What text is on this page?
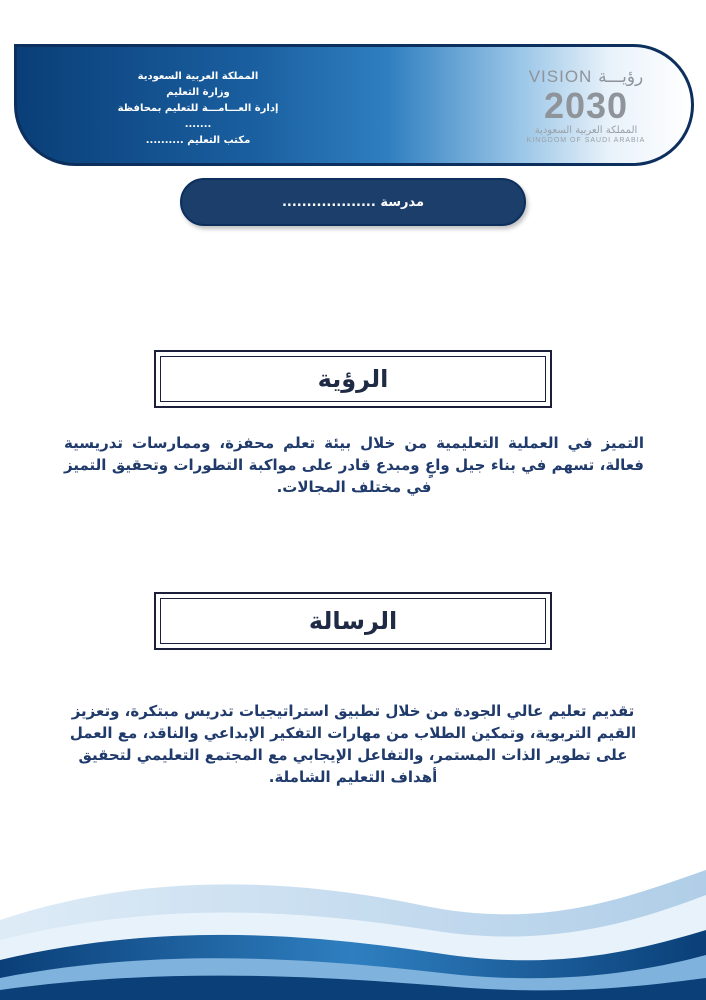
المملكة العربية السعودية
وزارة التعليم
إدارة العـــامـــة للتعليم بمحافظة .......
مكتب التعليم ..........
VISION رؤيـــة
2030
المملكة العربية السعودية
KINGDOM OF SAUDI ARABIA
مدرسة ...................
الرؤية
التميز في العملية التعليمية من خلال بيئة تعلم محفزة، وممارسات تدريسية فعالة، تسهم في بناء جيل واعٍ ومبدع قادر على مواكبة التطورات وتحقيق التميز في مختلف المجالات.
الرسالة
تقديم تعليم عالي الجودة من خلال تطبيق استراتيجيات تدريس مبتكرة، وتعزيز القيم التربوية، وتمكين الطلاب من مهارات التفكير الإبداعي والناقد، مع العمل على تطوير الذات المستمر، والتفاعل الإيجابي مع المجتمع التعليمي لتحقيق أهداف التعليم الشاملة.
